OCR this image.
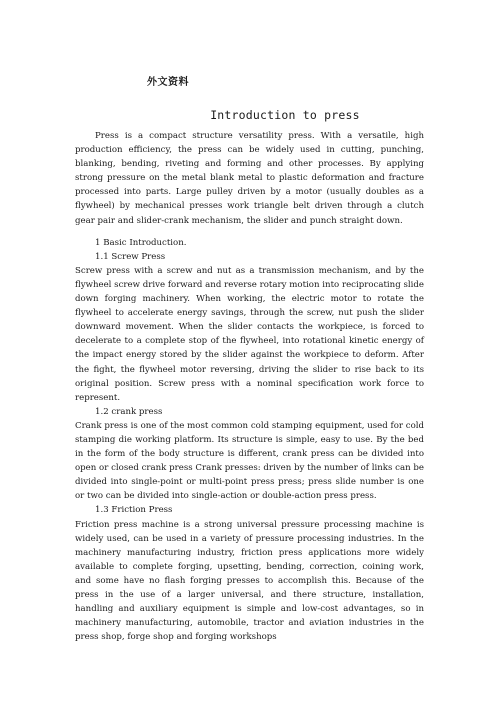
外文资料
Introduction to press

Press is a compact structure versatility press. With a versatile, high production efficiency, the press can be widely used in cutting, punching, blanking, bending, riveting and forming and other processes. By applying strong pressure on the metal blank metal to plastic deformation and fracture processed into parts. Large pulley driven by a motor (usually doubles as a flywheel) by mechanical presses work triangle belt driven through a clutch gear pair and slider-crank mechanism, the slider and punch straight down.

1 Basic Introduction.

1.1 Screw Press

Screw press with a screw and nut as a transmission mechanism, and by the flywheel screw drive forward and reverse rotary motion into reciprocating slide down forging machinery. When working, the electric motor to rotate the flywheel to accelerate energy savings, through the screw, nut push the slider downward movement. When the slider contacts the workpiece, is forced to decelerate to a complete stop of the flywheel, into rotational kinetic energy of the impact energy stored by the slider against the workpiece to deform. After the fight, the flywheel motor reversing, driving the slider to rise back to its original position. Screw press with a nominal specification work force to represent.

1.2 crank press

Crank press is one of the most common cold stamping equipment, used for cold stamping die working platform. Its structure is simple, easy to use. By the bed in the form of the body structure is different, crank press can be divided into open or closed crank press Crank presses: driven by the number of links can be divided into single-point or multi-point press press; press slide number is one or two can be divided into single-action or double-action press press.

1.3 Friction Press

Friction press machine is a strong universal pressure processing machine is widely used, can be used in a variety of pressure processing industries. In the machinery manufacturing industry, friction press applications more widely available to complete forging, upsetting, bending, correction, coining work, and some have no flash forging presses to accomplish this. Because of the press in the use of a larger universal, and there structure, installation, handling and auxiliary equipment is simple and low-cost advantages, so in machinery manufacturing, automobile, tractor and aviation industries in the press shop, forge shop and forging workshops
